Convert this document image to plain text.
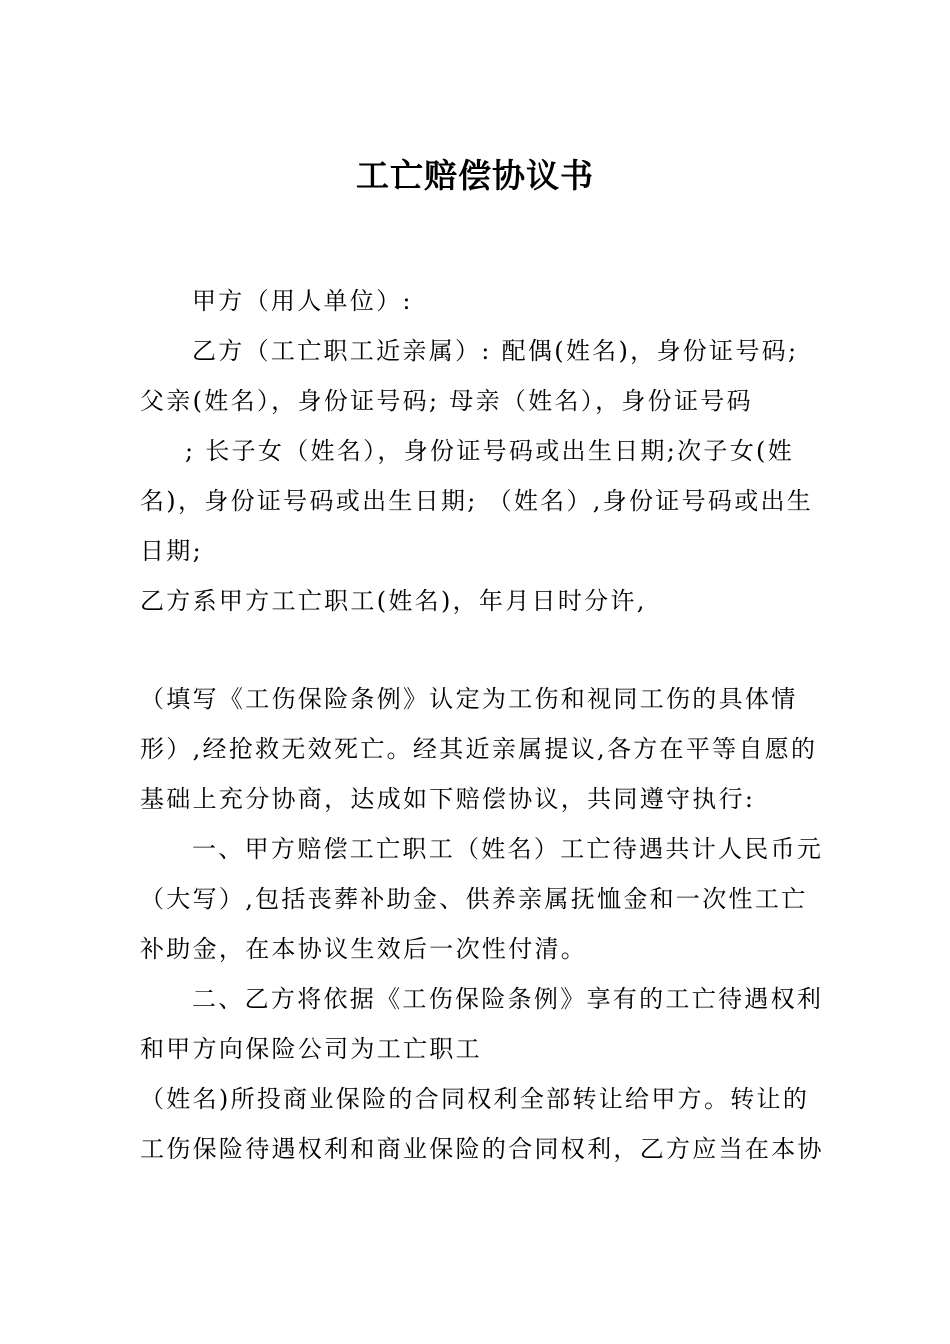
工亡赔偿协议书
甲方（用人单位）:
乙方（工亡职工近亲属）: 配偶(姓名)，身份证号码;
父亲(姓名），身份证号码; 母亲（姓名），身份证号码
; 长子女（姓名），身份证号码或出生日期;次子女(姓
名)，身份证号码或出生日期; （姓名）,身份证号码或出生
日期;
乙方系甲方工亡职工(姓名)，年月日时分许,
（填写《工伤保险条例》认定为工伤和视同工伤的具体情
形）,经抢救无效死亡。经其近亲属提议,各方在平等自愿的
基础上充分协商，达成如下赔偿协议，共同遵守执行:
一、甲方赔偿工亡职工（姓名）工亡待遇共计人民币元
（大写）,包括丧葬补助金、供养亲属抚恤金和一次性工亡
补助金，在本协议生效后一次性付清。
二、乙方将依据《工伤保险条例》享有的工亡待遇权利
和甲方向保险公司为工亡职工
（姓名)所投商业保险的合同权利全部转让给甲方。转让的
工伤保险待遇权利和商业保险的合同权利，乙方应当在本协
